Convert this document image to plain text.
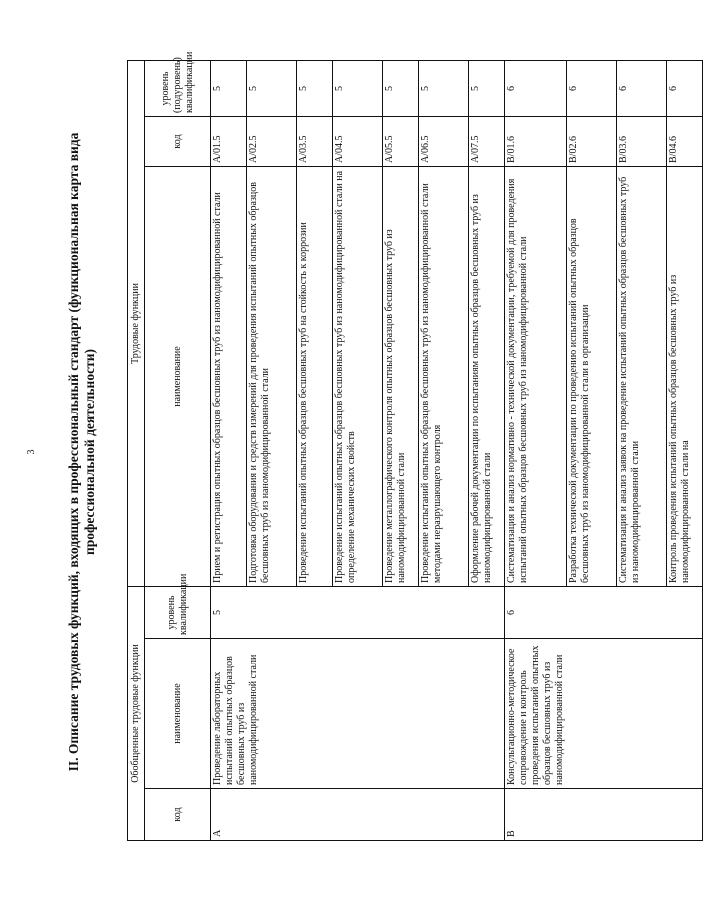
3 II. Описание трудовых функций, входящих в профессиональный стандарт (функциональная карта вида профессиональной деятельности)
Обобщенные трудовые функции			Трудовые функции		
код	наименование	уровень квалификации	наименование	код	уровень (подуровень) квалификации
A	Проведение лабораторных испытаний опытных образцов бесшовных труб из наномодифицированной стали	5	Прием и регистрация опытных образцов бесшовных труб из наномодифицированной стали	A/01.5	5
			Подготовка оборудования и средств измерений для проведения испытаний опытных образцов бесшовных труб из наномодифицированной стали	A/02.5	5
			Проведение испытаний опытных образцов бесшовных труб на стойкость к коррозии	A/03.5	5
			Проведение испытаний опытных образцов бесшовных труб из наномодифицированной стали на определение механических свойств	A/04.5	5
			Проведение металлографического контроля опытных образцов бесшовных труб из наномодифицированной стали	A/05.5	5
			Проведение испытаний опытных образцов бесшовных труб из наномодифицированной стали методами неразрушающего контроля	A/06.5	5
			Оформление рабочей документации по испытаниям опытных образцов бесшовных труб из наномодифицированной стали	A/07.5	5
B	Консультационно-методическое сопровождение и контроль проведения испытаний опытных образцов бесшовных труб из наномодифицированной стали	6	Систематизация и анализ нормативно - технической документации, требуемой для проведения испытаний опытных образцов бесшовных труб из наномодифицированной стали	B/01.6	6
			Разработка технической документации по проведению испытаний опытных образцов бесшовных труб из наномодифицированной стали в организации	B/02.6	6
			Систематизация и анализ заявок на проведение испытаний опытных образцов бесшовных труб из наномодифицированной стали	B/03.6	6
			Контроль проведения испытаний опытных образцов бесшовных труб из наномодифицированной стали на	B/04.6	6
